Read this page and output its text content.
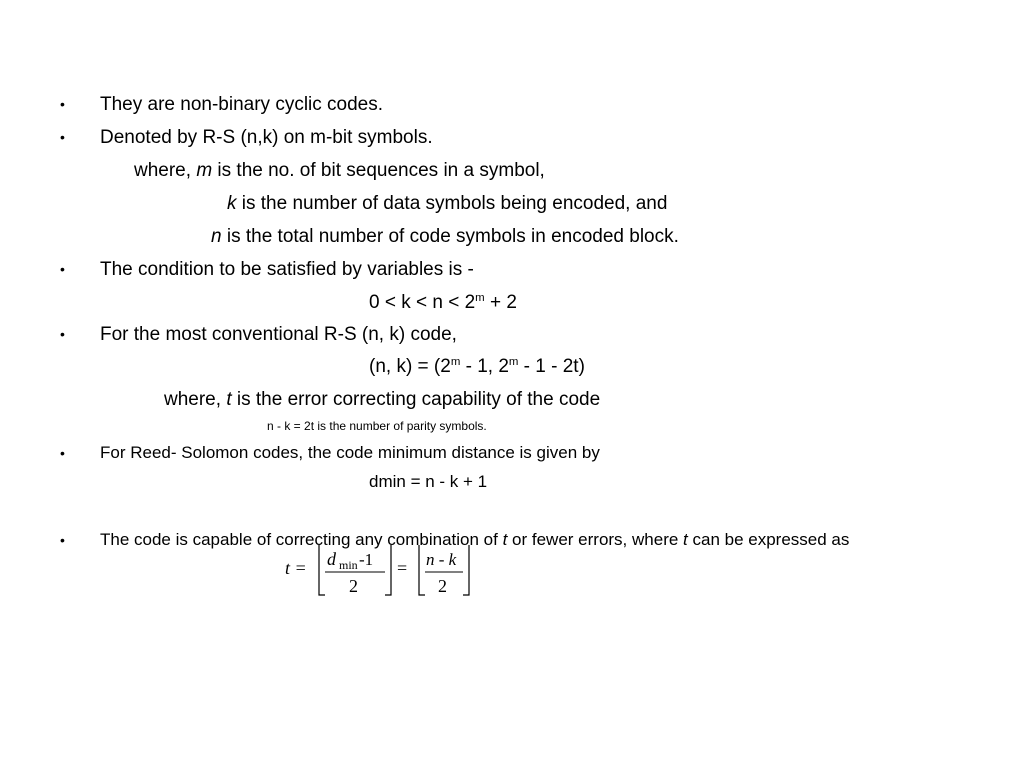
• They are non-binary cyclic codes.
• Denoted by R-S (n,k) on m-bit symbols.
where, m is the no. of bit sequences in a symbol,
k is the number of data symbols being encoded, and
n is the total number of code symbols in encoded block.
• The condition to be satisfied by variables is -
$0 < k < n < 2^m + 2$
• For the most conventional R-S (n, k) code,
(n, $k) = (2^m - 1$, 2$^m$ - 1 - 2t)
where, t is the error correcting capability of the code
n - k = 2t is the number of parity symbols.
• For Reed- Solomon codes, the code minimum distance is given by
dmin = n - k + 1
• The code is capable of correcting any combination of t or fewer errors, where t can be expressed as
t = d min -1
2
= n - k
2
